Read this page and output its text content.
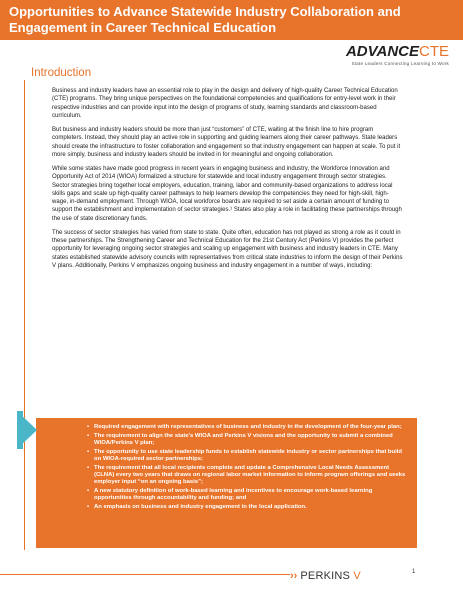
Opportunities to Advance Statewide Industry Collaboration and Engagement in Career Technical Education
ADVANCECTE
State Leaders Connecting Learning to Work
Introduction

Business and industry leaders have an essential role to play in the design and delivery of high-quality Career Technical Education (CTE) programs. They bring unique perspectives on the foundational competencies and qualifications for entry-level work in their respective industries and can provide input into the design of programs of study, learning standards and classroom-based curriculum.

But business and industry leaders should be more than just “customers” of CTE, waiting at the finish line to hire program completers. Instead, they should play an active role in supporting and guiding learners along their career pathways. State leaders should create the infrastructure to foster collaboration and engagement so that industry engagement can happen at scale. To put it more simply, business and industry leaders should be invited in for meaningful and ongoing collaboration.

While some states have made good progress in recent years in engaging business and industry, the Workforce Innovation and Opportunity Act of 2014 (WIOA) formalized a structure for statewide and local industry engagement through sector strategies. Sector strategies bring together local employers, education, training, labor and community-based organizations to address local skills gaps and scale up high-quality career pathways to help learners develop the competencies they need for high-skill, high-wage, in-demand employment. Through WIOA, local workforce boards are required to set aside a certain amount of funding to support the establishment and implementation of sector strategies.¹ States also play a role in facilitating these partnerships through the use of state discretionary funds.

The success of sector strategies has varied from state to state. Quite often, education has not played as strong a role as it could in these partnerships. The Strengthening Career and Technical Education for the 21st Century Act (Perkins V) provides the perfect opportunity for leveraging ongoing sector strategies and scaling up engagement with business and industry leaders in CTE. Many states established statewide advisory councils with representatives from critical state industries to inform the design of their Perkins V plans. Additionally, Perkins V emphasizes ongoing business and industry engagement in a number of ways, including:

• Required engagement with representatives of business and industry in the development of the four-year plan;
• The requirement to align the state’s WIOA and Perkins V visions and the opportunity to submit a combined WIOA/Perkins V plan;
• The opportunity to use state leadership funds to establish statewide industry or sector partnerships that build on WIOA-required sector partnerships;
• The requirement that all local recipients complete and update a Comprehensive Local Needs Assessment (CLNA) every two years that draws on regional labor market information to inform program offerings and seeks employer input “on an ongoing basis”;
• A new statutory definition of work-based learning and incentives to encourage work-based learning opportunities through accountability and funding; and
• An emphasis on business and industry engagement in the local application.
›› PERKINS V	1
